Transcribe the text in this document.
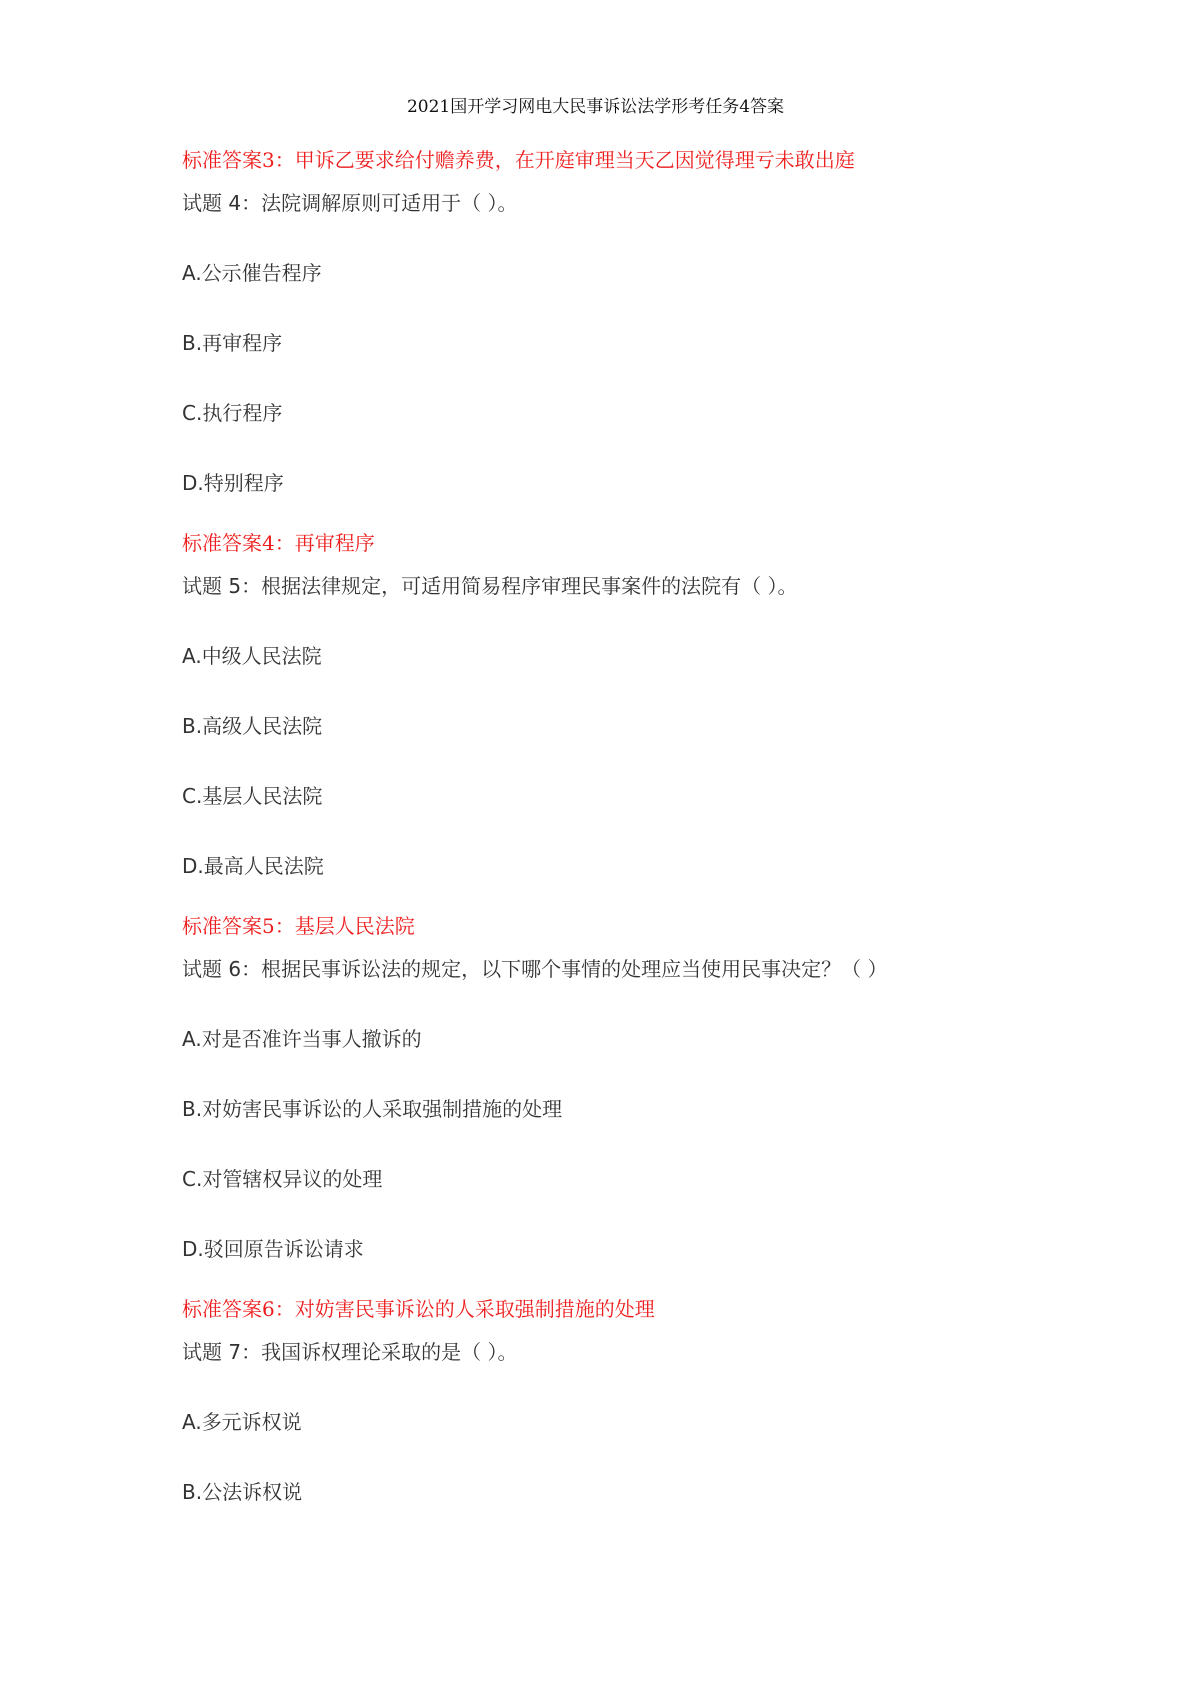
2021国开学习网电大民事诉讼法学形考任务4答案
标准答案3：甲诉乙要求给付赡养费，在开庭审理当天乙因觉得理亏未敢出庭
试题 4：法院调解原则可适用于（ ）。
A.公示催告程序
B.再审程序
C.执行程序
D.特别程序
标准答案4：再审程序
试题 5：根据法律规定，可适用简易程序审理民事案件的法院有（ ）。
A.中级人民法院
B.高级人民法院
C.基层人民法院
D.最高人民法院
标准答案5：基层人民法院
试题 6：根据民事诉讼法的规定，以下哪个事情的处理应当使用民事决定？（ ）
A.对是否准许当事人撤诉的
B.对妨害民事诉讼的人采取强制措施的处理
C.对管辖权异议的处理
D.驳回原告诉讼请求
标准答案6：对妨害民事诉讼的人采取强制措施的处理
试题 7：我国诉权理论采取的是（ ）。
A.多元诉权说
B.公法诉权说
